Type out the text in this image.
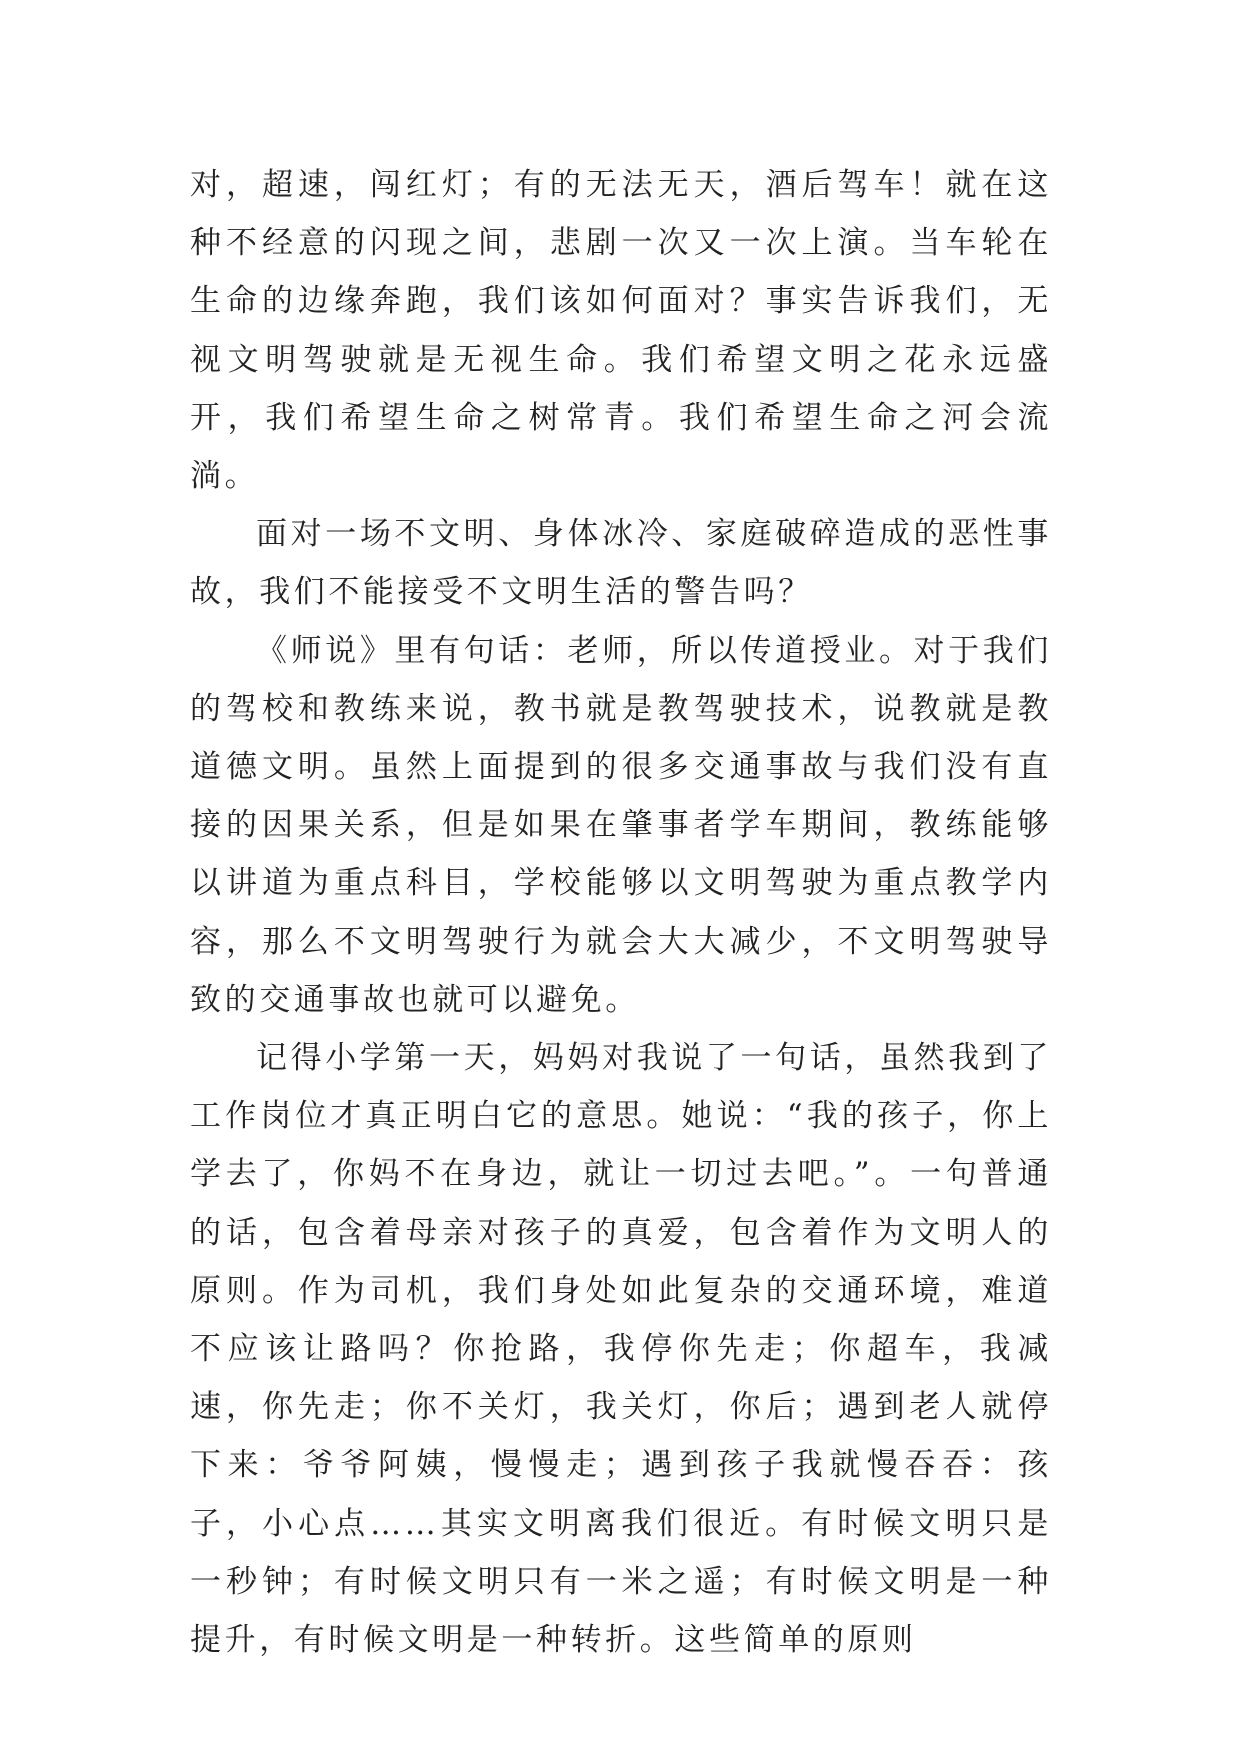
对，超速，闯红灯；有的无法无天，酒后驾车！就在这种不经意的闪现之间，悲剧一次又一次上演。当车轮在生命的边缘奔跑，我们该如何面对？事实告诉我们，无视文明驾驶就是无视生命。我们希望文明之花永远盛开，我们希望生命之树常青。我们希望生命之河会流淌。

面对一场不文明、身体冰冷、家庭破碎造成的恶性事故，我们不能接受不文明生活的警告吗？

《师说》里有句话：老师，所以传道授业。对于我们的驾校和教练来说，教书就是教驾驶技术，说教就是教道德文明。虽然上面提到的很多交通事故与我们没有直接的因果关系，但是如果在肇事者学车期间，教练能够以讲道为重点科目，学校能够以文明驾驶为重点教学内容，那么不文明驾驶行为就会大大减少，不文明驾驶导致的交通事故也就可以避免。

记得小学第一天，妈妈对我说了一句话，虽然我到了工作岗位才真正明白它的意思。她说：“我的孩子，你上学去了，你妈不在身边，就让一切过去吧。”。一句普通的话，包含着母亲对孩子的真爱，包含着作为文明人的原则。作为司机，我们身处如此复杂的交通环境，难道不应该让路吗？你抢路，我停你先走；你超车，我减速，你先走；你不关灯，我关灯，你后；遇到老人就停下来：爷爷阿姨，慢慢走；遇到孩子我就慢吞吞：孩子，小心点……其实文明离我们很近。有时候文明只是一秒钟；有时候文明只有一米之遥；有时候文明是一种提升，有时候文明是一种转折。这些简单的原则
